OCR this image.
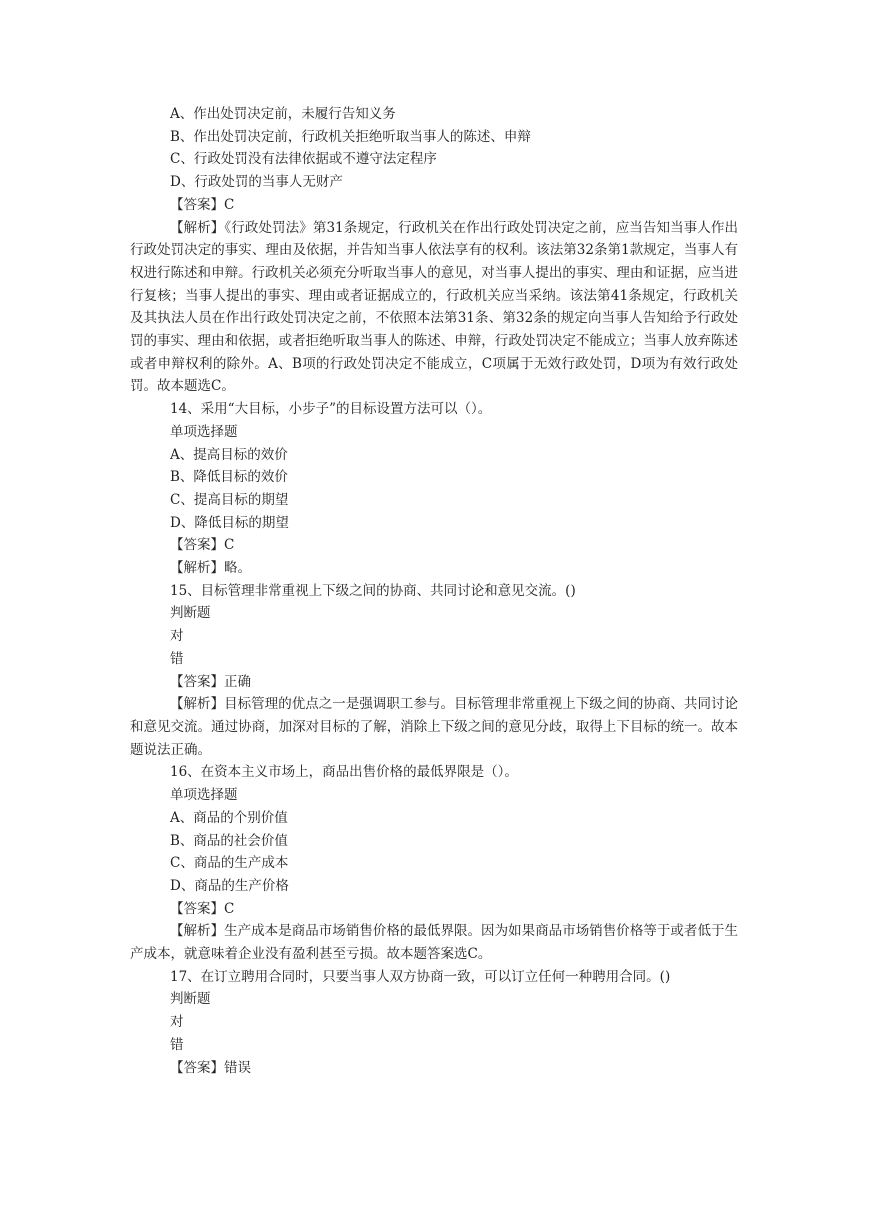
A、作出处罚决定前，未履行告知义务
B、作出处罚决定前，行政机关拒绝听取当事人的陈述、申辩
C、行政处罚没有法律依据或不遵守法定程序
D、行政处罚的当事人无财产
【答案】C
【解析】《行政处罚法》第31条规定，行政机关在作出行政处罚决定之前，应当告知当事人作出行政处罚决定的事实、理由及依据，并告知当事人依法享有的权利。该法第32条第1款规定，当事人有权进行陈述和申辩。行政机关必须充分听取当事人的意见，对当事人提出的事实、理由和证据，应当进行复核；当事人提出的事实、理由或者证据成立的，行政机关应当采纳。该法第41条规定，行政机关及其执法人员在作出行政处罚决定之前，不依照本法第31条、第32条的规定向当事人告知给予行政处罚的事实、理由和依据，或者拒绝听取当事人的陈述、申辩，行政处罚决定不能成立；当事人放弃陈述或者申辩权利的除外。A、B项的行政处罚决定不能成立，C项属于无效行政处罚，D项为有效行政处罚。故本题选C。
14、采用“大目标，小步子”的目标设置方法可以（）。
单项选择题
A、提高目标的效价
B、降低目标的效价
C、提高目标的期望
D、降低目标的期望
【答案】C
【解析】略。
15、目标管理非常重视上下级之间的协商、共同讨论和意见交流。()
判断题
对
错
【答案】正确
【解析】目标管理的优点之一是强调职工参与。目标管理非常重视上下级之间的协商、共同讨论和意见交流。通过协商，加深对目标的了解，消除上下级之间的意见分歧，取得上下目标的统一。故本题说法正确。
16、在资本主义市场上，商品出售价格的最低界限是（）。
单项选择题
A、商品的个别价值
B、商品的社会价值
C、商品的生产成本
D、商品的生产价格
【答案】C
【解析】生产成本是商品市场销售价格的最低界限。因为如果商品市场销售价格等于或者低于生产成本，就意味着企业没有盈利甚至亏损。故本题答案选C。
17、在订立聘用合同时，只要当事人双方协商一致，可以订立任何一种聘用合同。()
判断题
对
错
【答案】错误
